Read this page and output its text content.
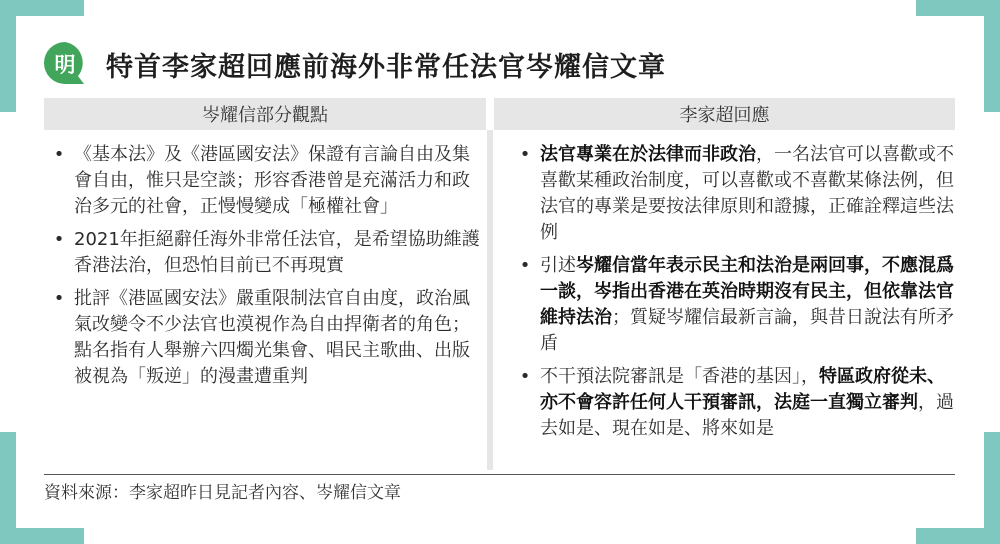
明	特首李家超回應前海外非常任法官岑耀信文章
岑耀信部分觀點	李家超回應
• 《基本法》及《港區國安法》保證有言論自由及集會自由，惟只是空談；形容香港曾是充滿活力和政治多元的社會，正慢慢變成「極權社會」
• 2021年拒絕辭任海外非常任法官，是希望協助維護香港法治，但恐怕目前已不再現實
• 批評《港區國安法》嚴重限制法官自由度，政治風氣改變令不少法官也漠視作為自由捍衛者的角色；點名指有人舉辦六四燭光集會、唱民主歌曲、出版被視為「叛逆」的漫畫遭重判
• 法官專業在於法律而非政治，一名法官可以喜歡或不喜歡某種政治制度，可以喜歡或不喜歡某條法例，但法官的專業是要按法律原則和證據，正確詮釋這些法例
• 引述岑耀信當年表示民主和法治是兩回事，不應混爲一談，岑指出香港在英治時期沒有民主，但依靠法官維持法治；質疑岑耀信最新言論，與昔日說法有所矛盾
• 不干預法院審訊是「香港的基因」，特區政府從未、亦不會容許任何人干預審訊，法庭一直獨立審判，過去如是、現在如是、將來如是
資料來源：李家超昨日見記者內容、岑耀信文章
